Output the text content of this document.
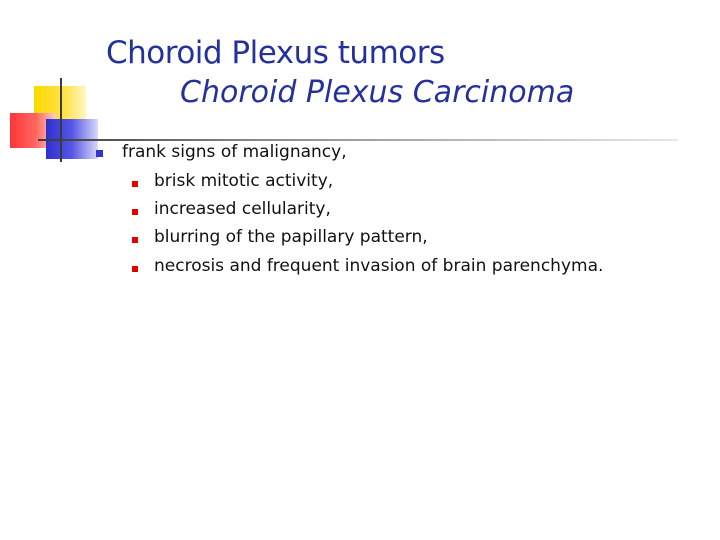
Choroid Plexus tumors
Choroid Plexus Carcinoma
frank signs of malignancy,
brisk mitotic activity,
increased cellularity,
blurring of the papillary pattern,
necrosis and frequent invasion of brain parenchyma.
